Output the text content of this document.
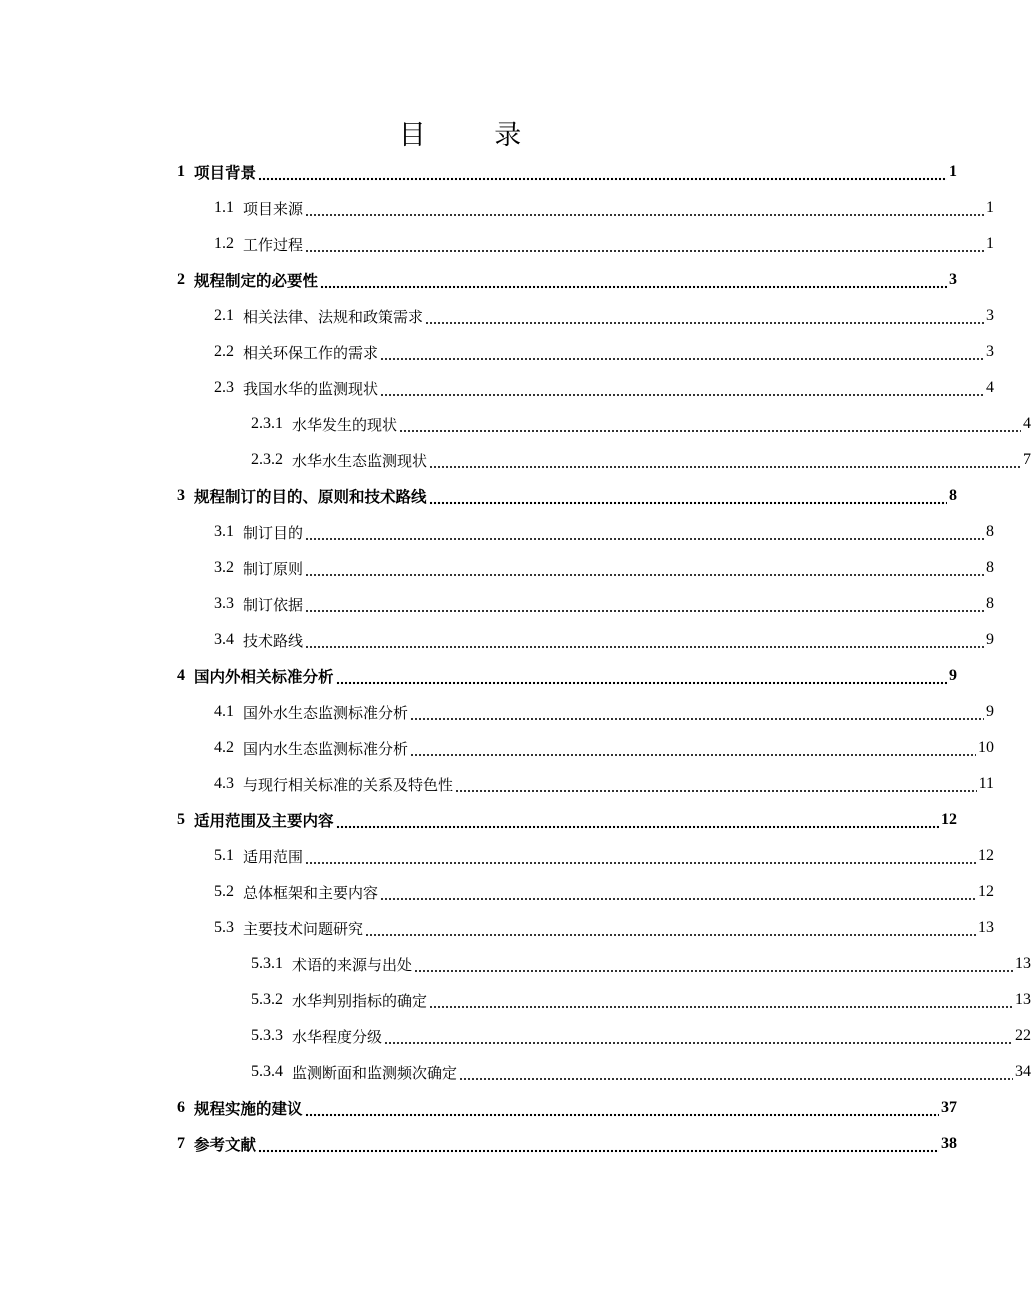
目 录
1 项目背景	1
1.1 项目来源	1
1.2 工作过程	1
2 规程制定的必要性	3
2.1 相关法律、法规和政策需求	3
2.2 相关环保工作的需求	3
2.3 我国水华的监测现状	4
2.3.1 水华发生的现状	4
2.3.2 水华水生态监测现状	7
3 规程制订的目的、原则和技术路线	8
3.1 制订目的	8
3.2 制订原则	8
3.3 制订依据	8
3.4 技术路线	9
4 国内外相关标准分析	9
4.1 国外水生态监测标准分析	9
4.2 国内水生态监测标准分析	10
4.3 与现行相关标准的关系及特色性	11
5 适用范围及主要内容	12
5.1 适用范围	12
5.2 总体框架和主要内容	12
5.3 主要技术问题研究	13
5.3.1 术语的来源与出处	13
5.3.2 水华判别指标的确定	13
5.3.3 水华程度分级	22
5.3.4 监测断面和监测频次确定	34
6 规程实施的建议	37
7 参考文献	38
